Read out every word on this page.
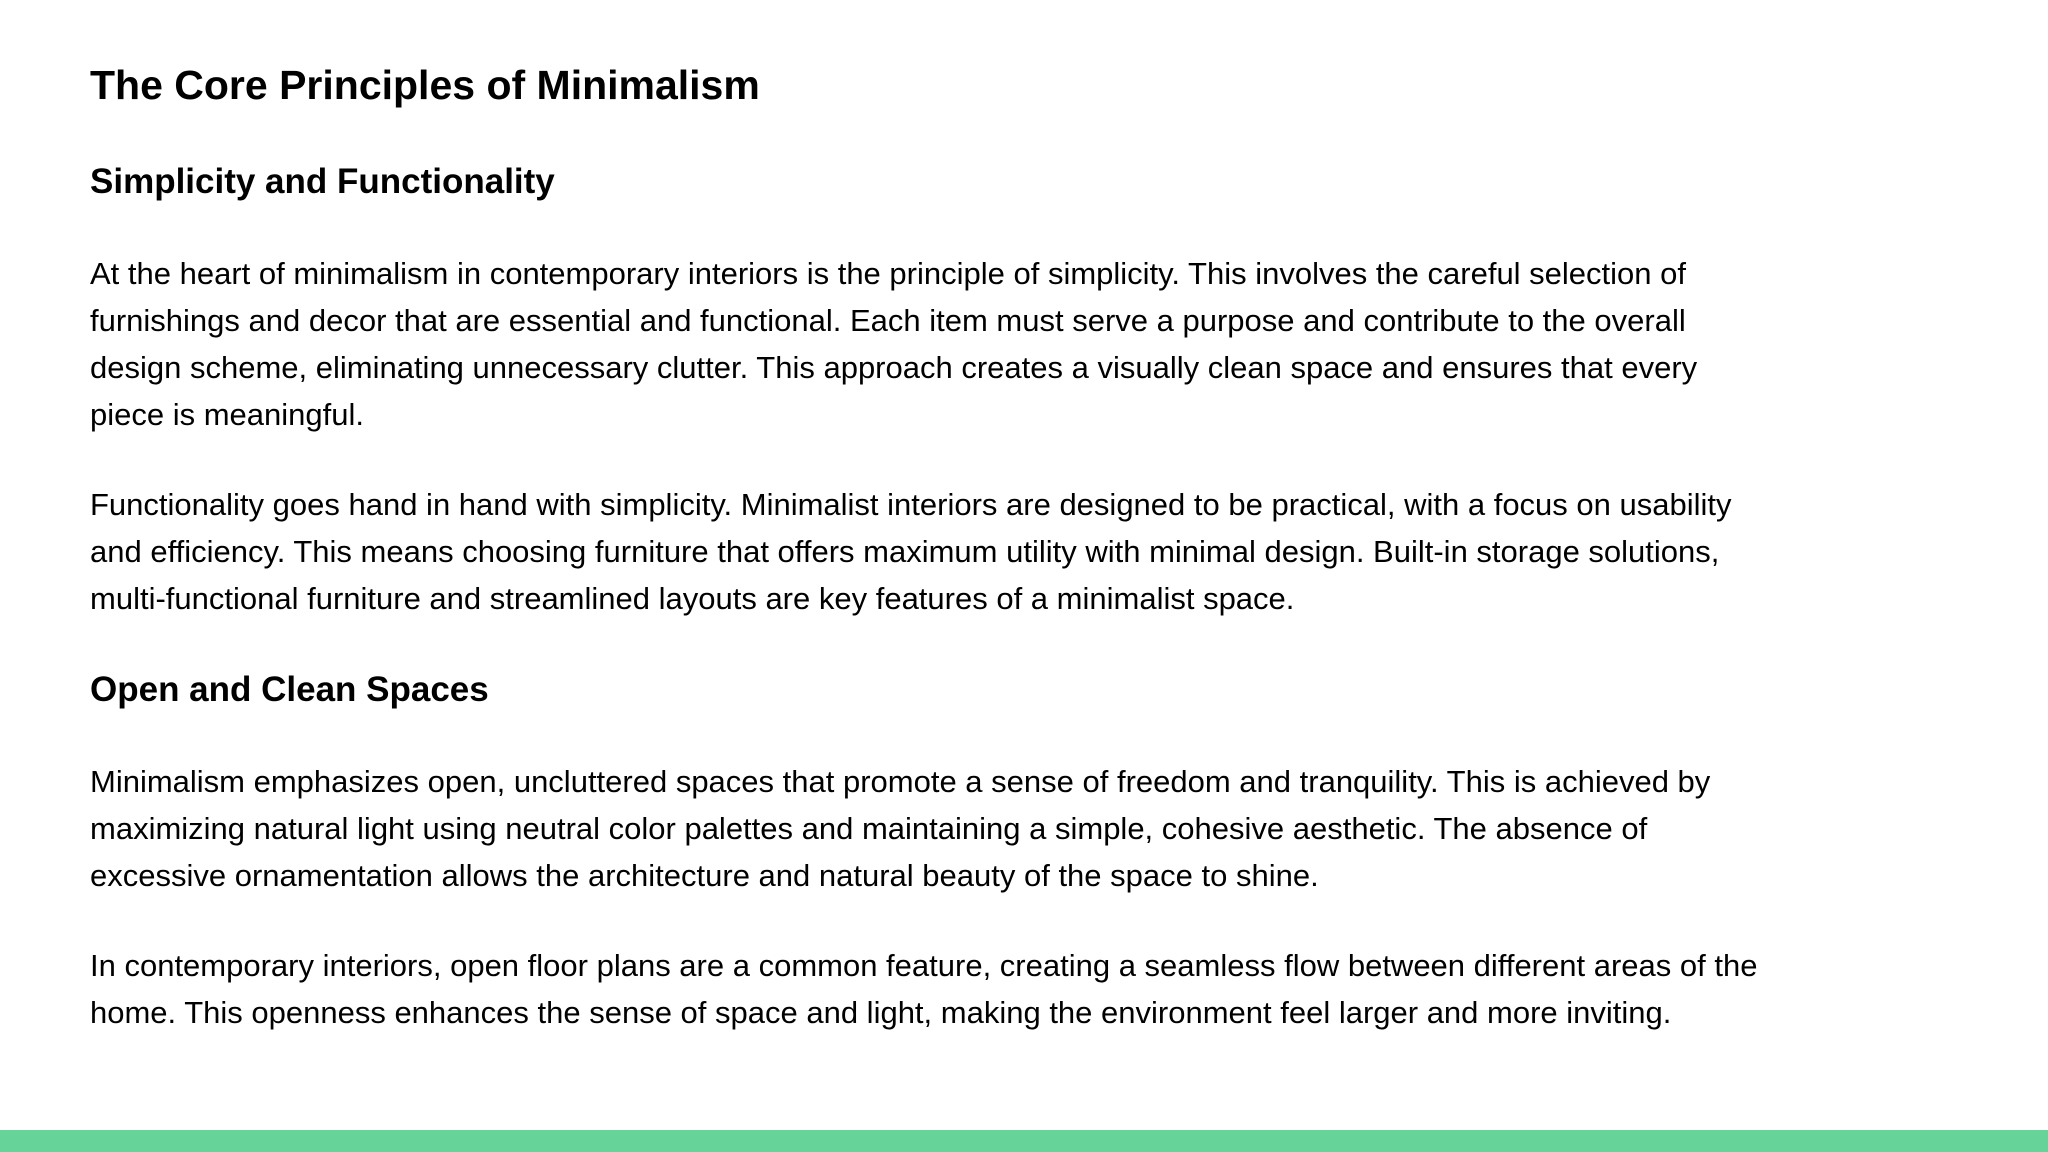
The Core Principles of Minimalism
Simplicity and Functionality

At the heart of minimalism in contemporary interiors is the principle of simplicity. This involves the careful selection of
furnishings and decor that are essential and functional. Each item must serve a purpose and contribute to the overall
design scheme, eliminating unnecessary clutter. This approach creates a visually clean space and ensures that every
piece is meaningful.

Functionality goes hand in hand with simplicity. Minimalist interiors are designed to be practical, with a focus on usability
and efficiency. This means choosing furniture that offers maximum utility with minimal design. Built-in storage solutions,
multi-functional furniture and streamlined layouts are key features of a minimalist space.

Open and Clean Spaces

Minimalism emphasizes open, uncluttered spaces that promote a sense of freedom and tranquility. This is achieved by
maximizing natural light using neutral color palettes and maintaining a simple, cohesive aesthetic. The absence of
excessive ornamentation allows the architecture and natural beauty of the space to shine.

In contemporary interiors, open floor plans are a common feature, creating a seamless flow between different areas of the
home. This openness enhances the sense of space and light, making the environment feel larger and more inviting.
